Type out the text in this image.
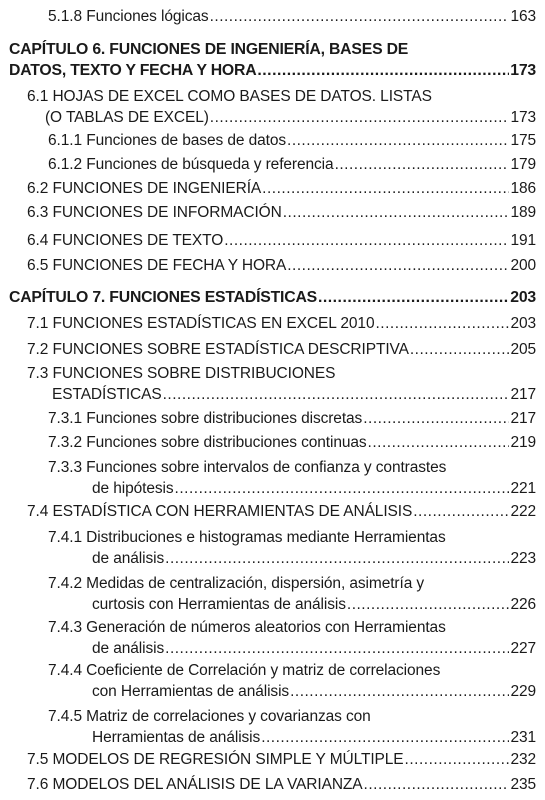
5.1.8 Funciones lógicas .....	163
CAPÍTULO 6. FUNCIONES DE INGENIERÍA, BASES DE
DATOS, TEXTO Y FECHA Y HORA .....	173
6.1 HOJAS DE EXCEL COMO BASES DE DATOS. LISTAS
(O TABLAS DE EXCEL) .....	173
6.1.1 Funciones de bases de datos .....	175
6.1.2 Funciones de búsqueda y referencia .....	179
6.2 FUNCIONES DE INGENIERÍA .....	186
6.3 FUNCIONES DE INFORMACIÓN .....	189
6.4 FUNCIONES DE TEXTO .....	191
6.5 FUNCIONES DE FECHA Y HORA .....	200
CAPÍTULO 7. FUNCIONES ESTADÍSTICAS .....	203
7.1 FUNCIONES ESTADÍSTICAS EN EXCEL 2010 .....	203
7.2 FUNCIONES SOBRE ESTADÍSTICA DESCRIPTIVA .....	205
7.3 FUNCIONES SOBRE DISTRIBUCIONES
ESTADÍSTICAS .....	217
7.3.1 Funciones sobre distribuciones discretas .....	217
7.3.2 Funciones sobre distribuciones continuas .....	219
7.3.3 Funciones sobre intervalos de confianza y contrastes
de hipótesis .....	221
7.4 ESTADÍSTICA CON HERRAMIENTAS DE ANÁLISIS .....	222
7.4.1 Distribuciones e histogramas mediante Herramientas
de análisis .....	223
7.4.2 Medidas de centralización, dispersión, asimetría y
curtosis con Herramientas de análisis .....	226
7.4.3 Generación de números aleatorios con Herramientas
de análisis .....	227
7.4.4 Coeficiente de Correlación y matriz de correlaciones
con Herramientas de análisis .....	229
7.4.5 Matriz de correlaciones y covarianzas con
Herramientas de análisis .....	231
7.5 MODELOS DE REGRESIÓN SIMPLE Y MÚLTIPLE .....	232
7.6 MODELOS DEL ANÁLISIS DE LA VARIANZA .....	235
